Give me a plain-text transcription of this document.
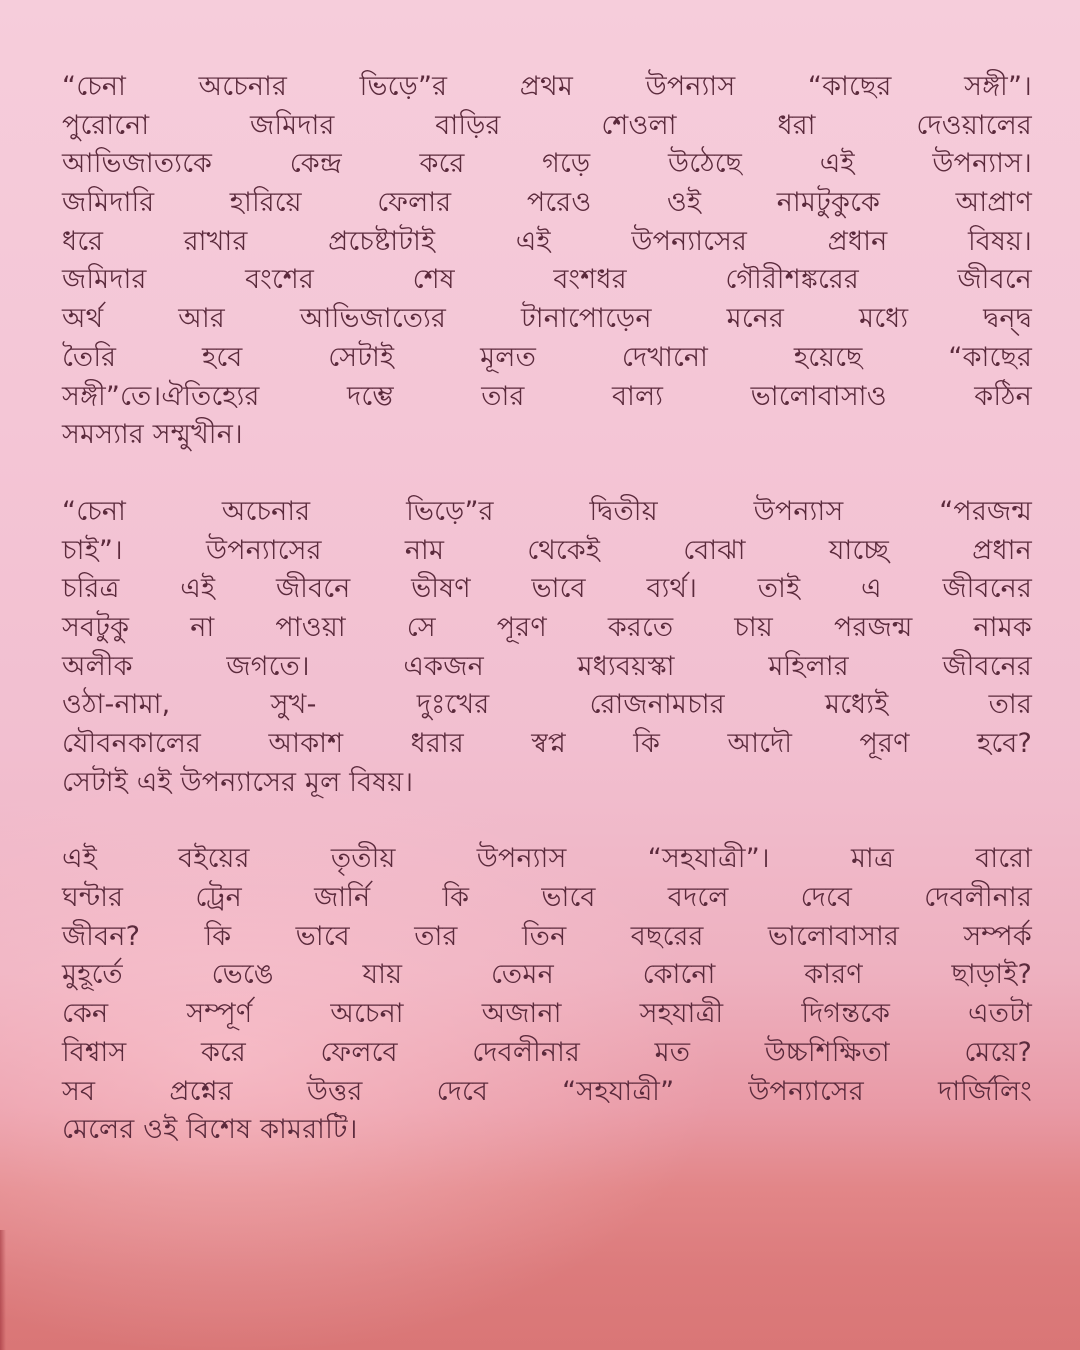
“চেনা অচেনার ভিড়ে”র প্রথম উপন্যাস “কাছের সঙ্গী”।
পুরোনো জমিদার বাড়ির শেওলা ধরা দেওয়ালের
আভিজাত্যকে কেন্দ্র করে গড়ে উঠেছে এই উপন্যাস।
জমিদারি হারিয়ে ফেলার পরেও ওই নামটুকুকে আপ্রাণ
ধরে রাখার প্রচেষ্টাটাই এই উপন্যাসের প্রধান বিষয়।
জমিদার বংশের শেষ বংশধর গৌরীশঙ্করের জীবনে
অর্থ আর আভিজাত্যের টানাপোড়েন মনের মধ্যে দ্বন্দ্ব
তৈরি হবে সেটাই মূলত দেখানো হয়েছে “কাছের
সঙ্গী”তে।ঐতিহ্যের দম্ভে তার বাল্য ভালোবাসাও কঠিন
সমস্যার সম্মুখীন।

“চেনা অচেনার ভিড়ে”র দ্বিতীয় উপন্যাস “পরজন্ম
চাই”। উপন্যাসের নাম থেকেই বোঝা যাচ্ছে প্রধান
চরিত্র এই জীবনে ভীষণ ভাবে ব্যর্থ। তাই এ জীবনের
সবটুকু না পাওয়া সে পূরণ করতে চায় পরজন্ম নামক
অলীক জগতে। একজন মধ্যবয়স্কা মহিলার জীবনের
ওঠা-নামা, সুখ- দুঃখের রোজনামচার মধ্যেই তার
যৌবনকালের আকাশ ধরার স্বপ্ন কি আদৌ পূরণ হবে?
সেটাই এই উপন্যাসের মূল বিষয়।

এই বইয়ের তৃতীয় উপন্যাস “সহযাত্রী”। মাত্র বারো
ঘন্টার ট্রেন জার্নি কি ভাবে বদলে দেবে দেবলীনার
জীবন? কি ভাবে তার তিন বছরের ভালোবাসার সম্পর্ক
মুহূর্তে ভেঙে যায় তেমন কোনো কারণ ছাড়াই?
কেন সম্পূর্ণ অচেনা অজানা সহযাত্রী দিগন্তকে এতটা
বিশ্বাস করে ফেলবে দেবলীনার মত উচ্চশিক্ষিতা মেয়ে?
সব প্রশ্নের উত্তর দেবে “সহযাত্রী” উপন্যাসের দার্জিলিং
মেলের ওই বিশেষ কামরাটি।
